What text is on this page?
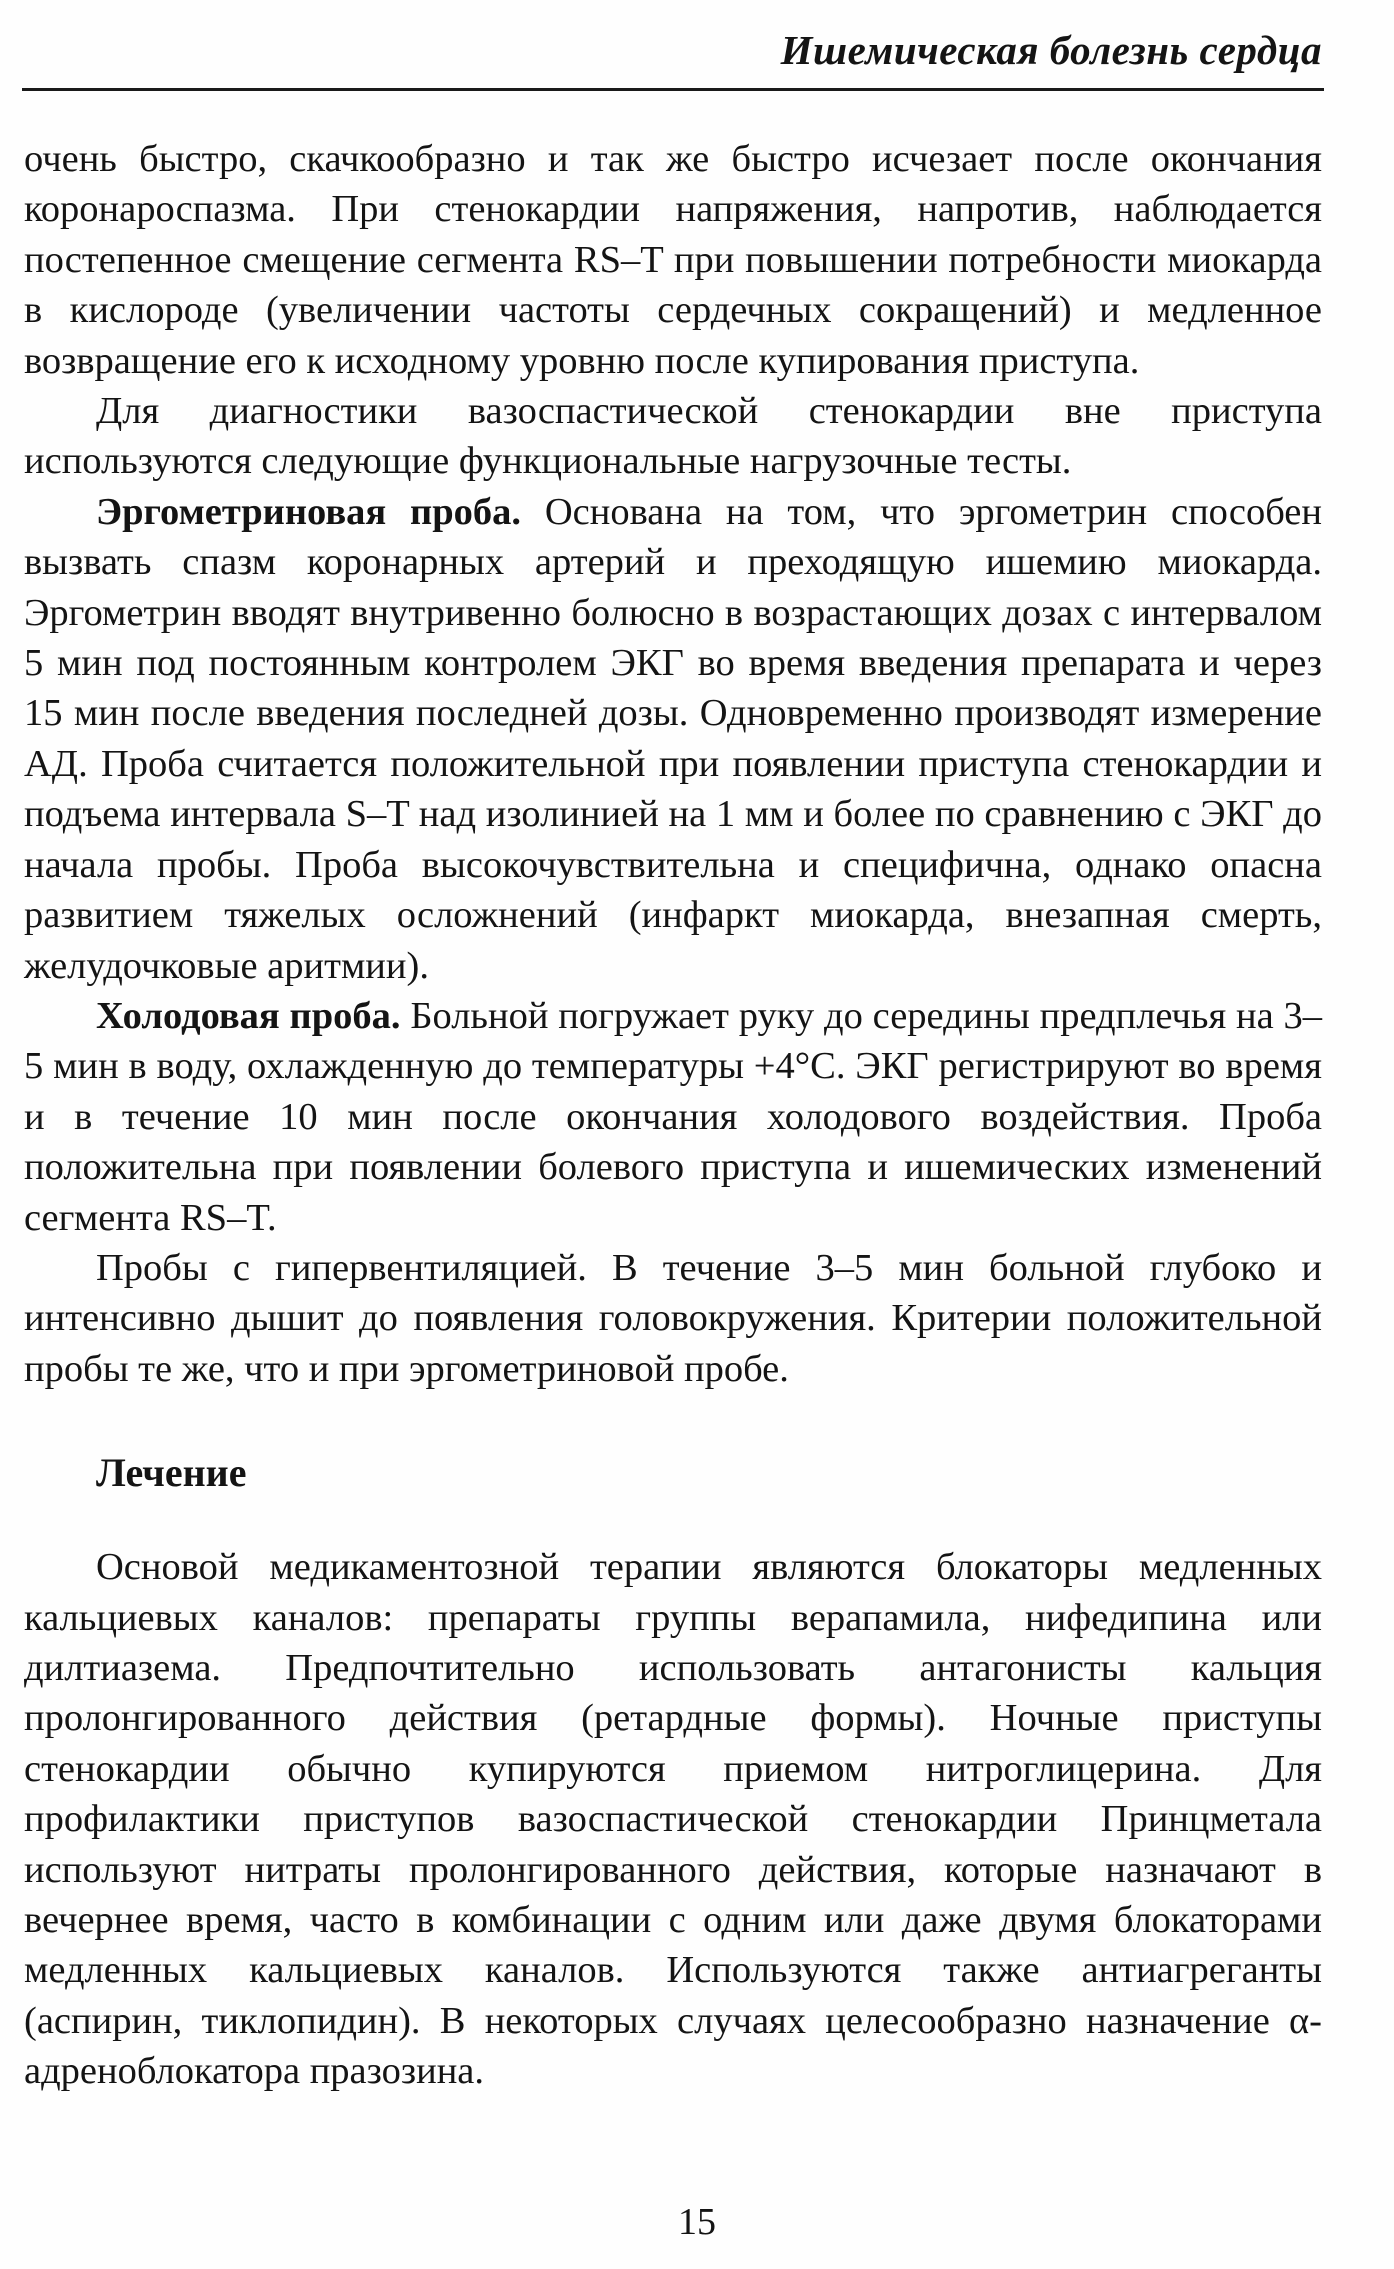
Ишемическая болезнь сердца

очень быстро, скачкообразно и так же быстро исчезает после окончания коронароспазма. При стенокардии напряжения, напротив, наблюдается постепенное смещение сегмента RS–T при повышении потребности миокарда в кислороде (увеличении частоты сердечных сокращений) и медленное возвращение его к исходному уровню после купирования приступа.

Для диагностики вазоспастической стенокардии вне приступа используются следующие функциональные нагрузочные тесты.

Эргометриновая проба. Основана на том, что эргометрин способен вызвать спазм коронарных артерий и преходящую ишемию миокарда. Эргометрин вводят внутривенно болюсно в возрастающих дозах с интервалом 5 мин под постоянным контролем ЭКГ во время введения препарата и через 15 мин после введения последней дозы. Одновременно производят измерение АД. Проба считается положительной при появлении приступа стенокардии и подъема интервала S–T над изолинией на 1 мм и более по сравнению с ЭКГ до начала пробы. Проба высокочувствительна и специфична, однако опасна развитием тяжелых осложнений (инфаркт миокарда, внезапная смерть, желудочковые аритмии).

Холодовая проба. Больной погружает руку до середины предплечья на 3–5 мин в воду, охлажденную до температуры +4°С. ЭКГ регистрируют во время и в течение 10 мин после окончания холодового воздействия. Проба положительна при появлении болевого приступа и ишемических изменений сегмента RS–T.

Пробы с гипервентиляцией. В течение 3–5 мин больной глубоко и интенсивно дышит до появления головокружения. Критерии положительной пробы те же, что и при эргометриновой пробе.

Лечение

Основой медикаментозной терапии являются блокаторы медленных кальциевых каналов: препараты группы верапамила, нифедипина или дилтиазема. Предпочтительно использовать антагонисты кальция пролонгированного действия (ретардные формы). Ночные приступы стенокардии обычно купируются приемом нитроглицерина. Для профилактики приступов вазоспастической стенокардии Принцметала используют нитраты пролонгированного действия, которые назначают в вечернее время, часто в комбинации с одним или даже двумя блокаторами медленных кальциевых каналов. Используются также антиагреганты (аспирин, тиклопидин). В некоторых случаях целесообразно назначение α-адреноблокатора празозина.

15
